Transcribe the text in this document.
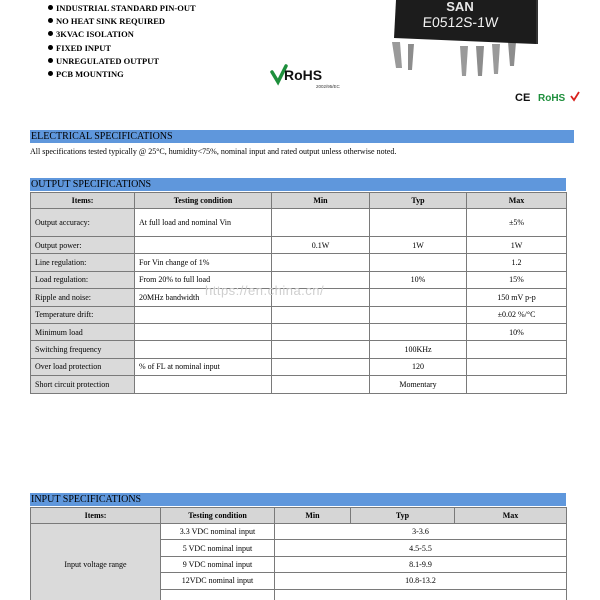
INDUSTRIAL STANDARD PIN-OUT
NO HEAT SINK REQUIRED
3KVAC ISOLATION
FIXED INPUT
UNREGULATED OUTPUT
PCB MOUNTING
SAN
E0512S-1W
RoHS
2002/95/EC
CE RoHS
ELECTRICAL SPECIFICATIONS
All specifications tested typically @ 25°C, humidity<75%, nominal input and rated output unless otherwise noted.
OUTPUT SPECIFICATIONS
Items:	Testing condition	Min	Typ	Max
Output accuracy:	At full load and nominal Vin			±5%
Output power:		0.1W	1W	1W
Line regulation:	For Vin change of 1%			1.2
Load regulation:	From 20% to full load		10%	15%
Ripple and noise:	20MHz bandwidth			150 mV p-p
Temperature drift:				±0.02 %/°C
Minimum load				10%
Switching frequency			100KHz	
Over load protection	% of FL at nominal input		120	
Short circuit protection			Momentary	
https://en.china.cn/
INPUT SPECIFICATIONS
Items:	Testing condition	Min	Typ	Max
Input voltage range	3.3 VDC nominal input	3-3.6		
	5 VDC nominal input	4.5-5.5		
	9 VDC nominal input	8.1-9.9		
	12VDC nominal input	10.8-13.2		
